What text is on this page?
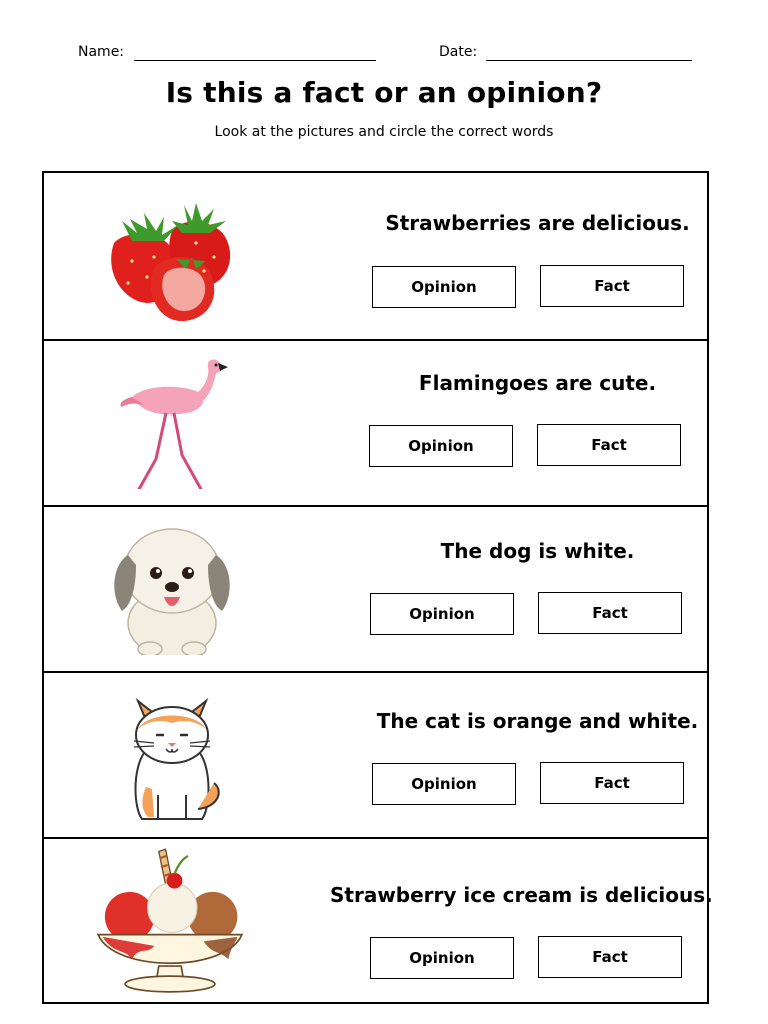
Name:	Date:
Is this a fact or an opinion?
Look at the pictures and circle the correct words
Strawberries are delicious.
Opinion	Fact
Flamingoes are cute.
Opinion	Fact
The dog is white.
Opinion	Fact
The cat is orange and white.
Opinion	Fact
Strawberry ice cream is delicious.
Opinion	Fact
